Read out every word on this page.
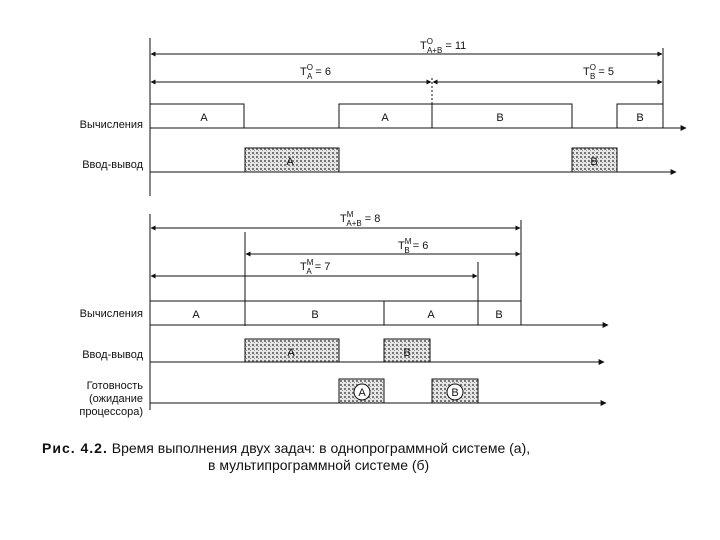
$T^O$ A+B = 11
$T^O$ A = 6	$T^O$ B = 5
Вычисления
Ввод-вывод
A	A	B	B
A	B
$T^M$ A+B = 8
$T^M$ B = 6
$T^M$ A = 7
Вычисления
Ввод-вывод
Готовность
(ожидание
процессора)
A	B	A	B
A	B
A	B
Рис. 4.2. Время выполнения двух задач: в однопрограммной системе (a),
в мультипрограммной системе (б)
